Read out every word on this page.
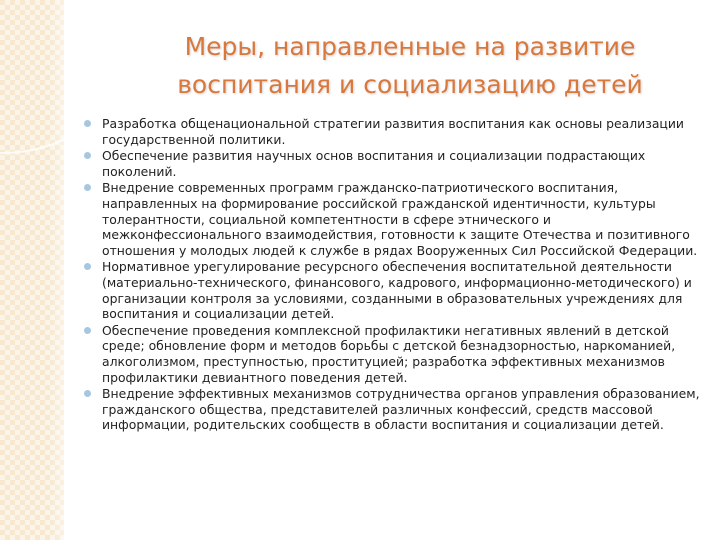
Меры, направленные на развитие воспитания и социализацию детей
Разработка общенациональной стратегии развития воспитания как основы реализации государственной политики.
Обеспечение развития научных основ воспитания и социализации подрастающих поколений.
Внедрение современных программ гражданско-патриотического воспитания, направленных на формирование российской гражданской идентичности, культуры толерантности, социальной компетентности в сфере этнического и межконфессионального взаимодействия, готовности к защите Отечества и позитивного отношения у молодых людей к службе в рядах Вооруженных Сил Российской Федерации.
Нормативное урегулирование ресурсного обеспечения воспитательной деятельности (материально-технического, финансового, кадрового, информационно-методического) и организации контроля за условиями, созданными в образовательных учреждениях для воспитания и социализации детей.
Обеспечение проведения комплексной профилактики негативных явлений в детской среде; обновление форм и методов борьбы с детской безнадзорностью, наркоманией, алкоголизмом, преступностью, проституцией; разработка эффективных механизмов профилактики девиантного поведения детей.
Внедрение эффективных механизмов сотрудничества органов управления образованием, гражданского общества, представителей различных конфессий, средств массовой информации, родительских сообществ в области воспитания и социализации детей.
